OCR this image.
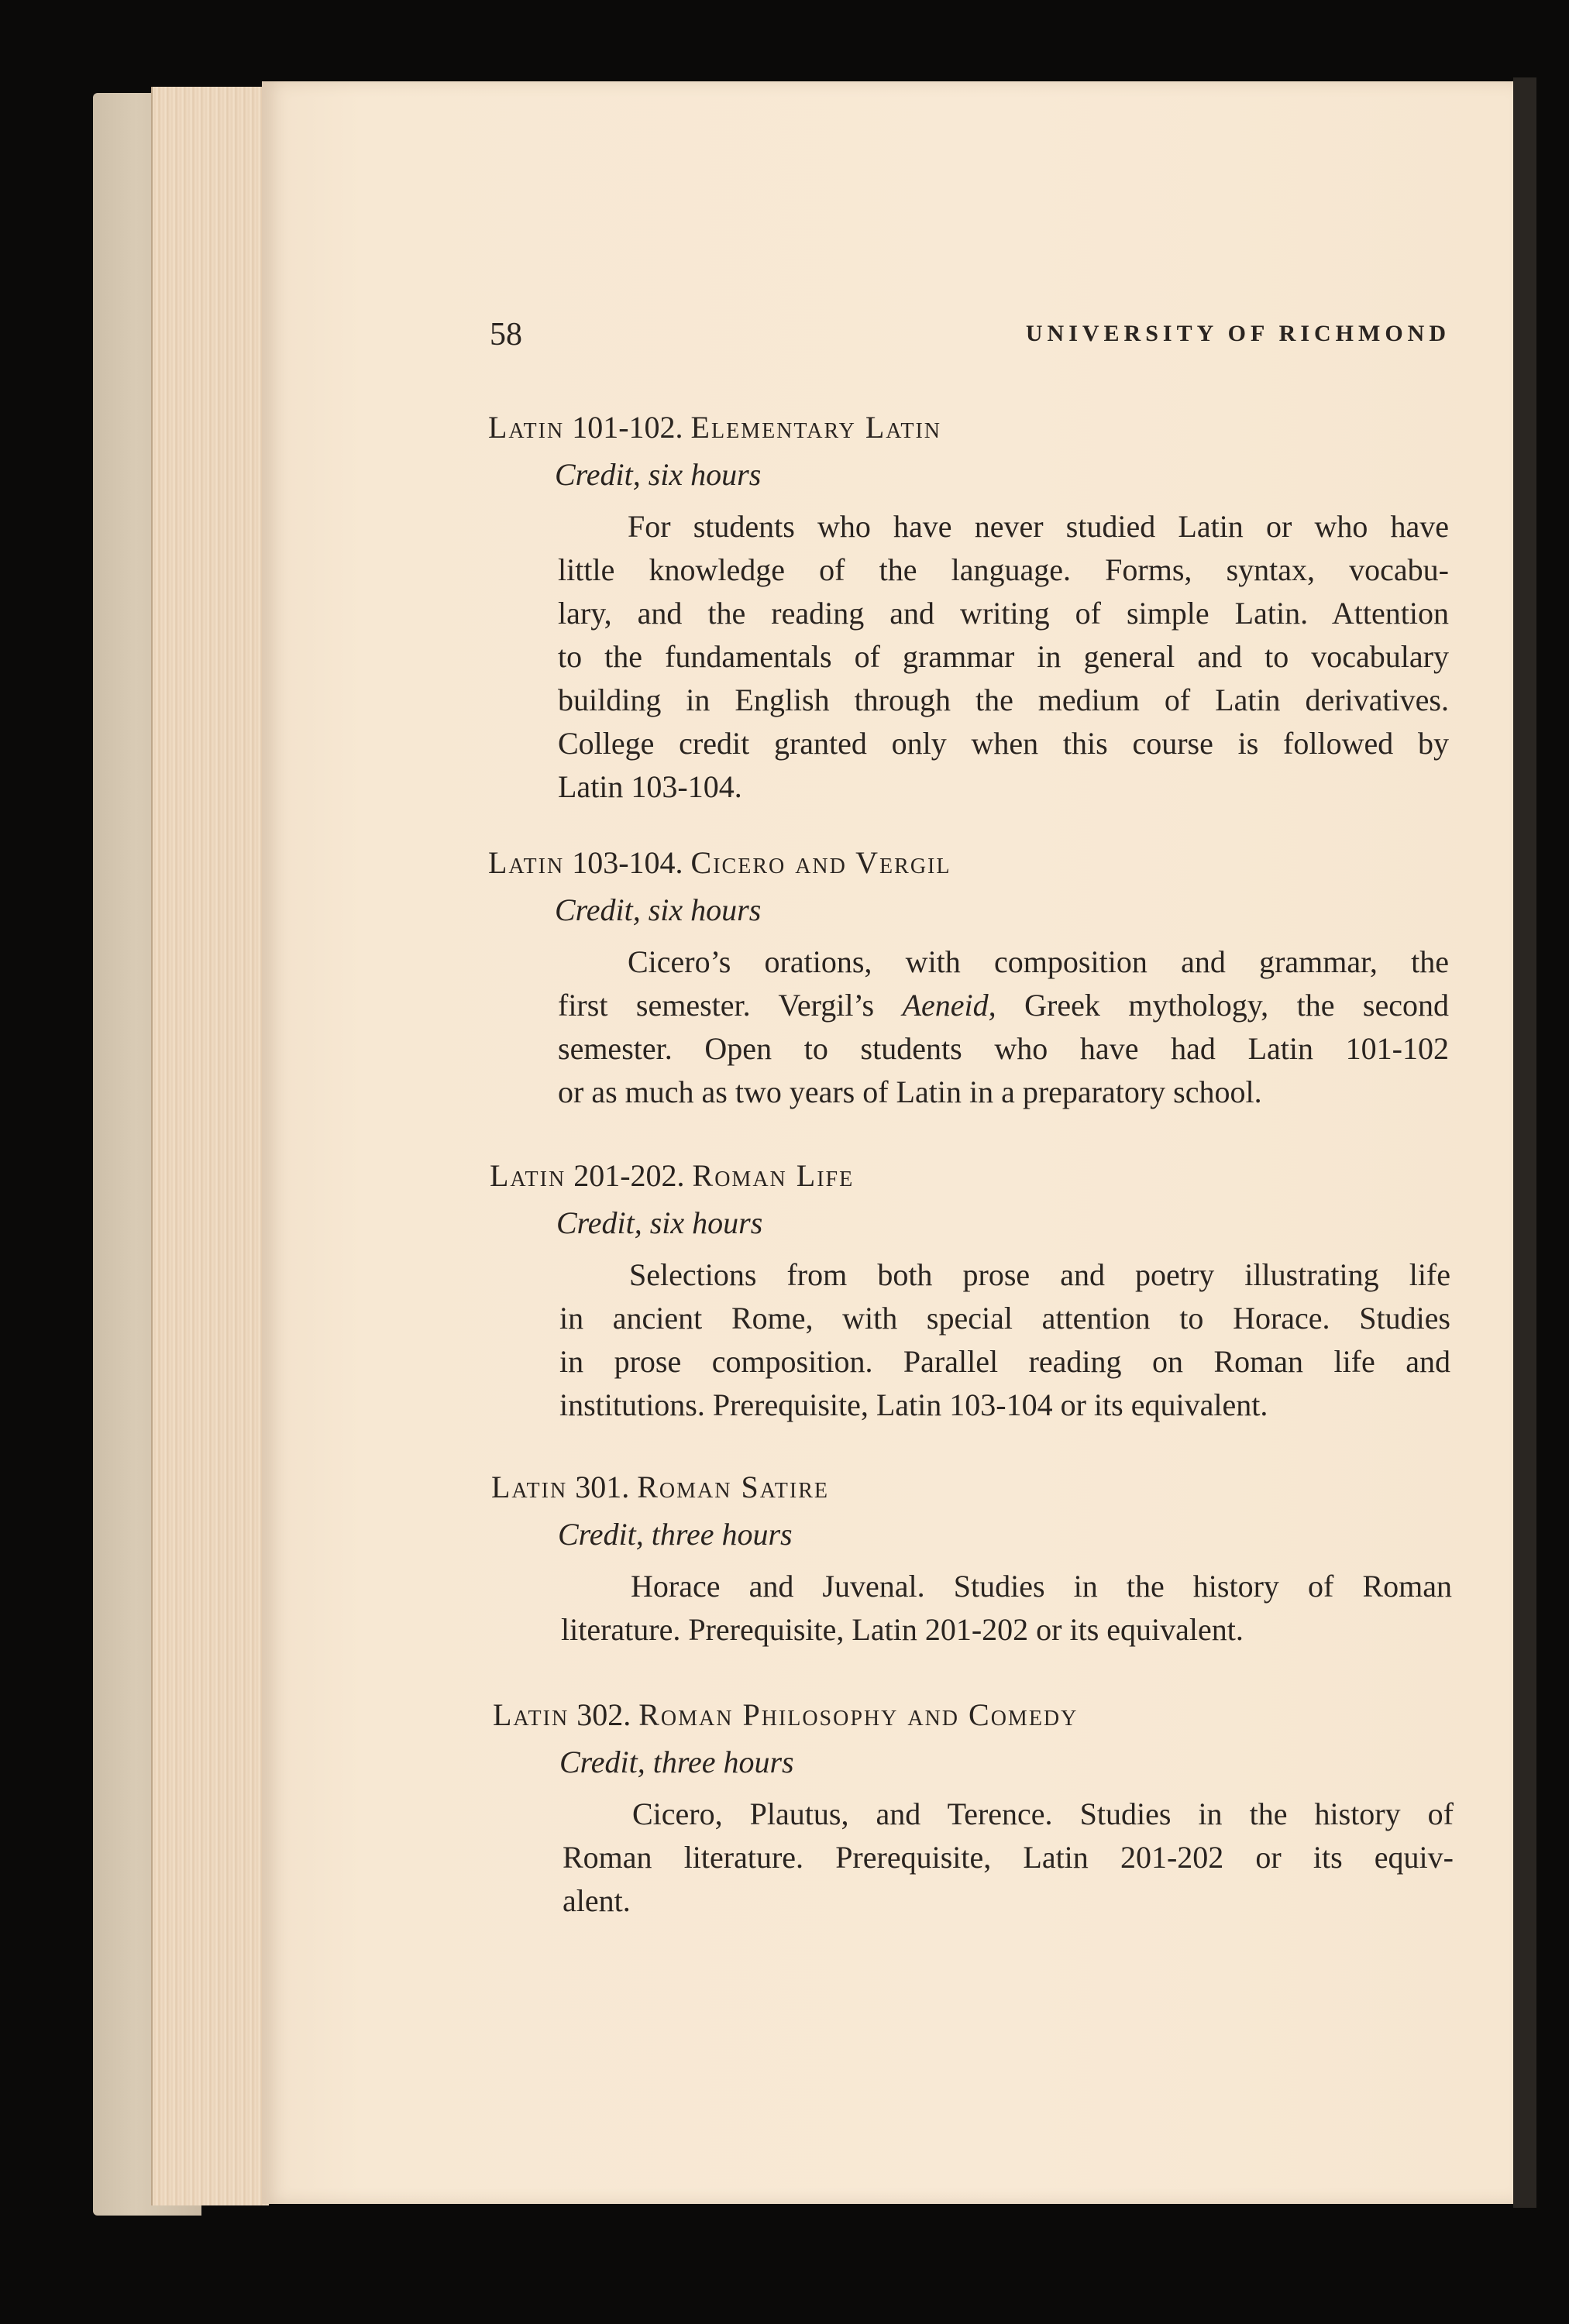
58	UNIVERSITY OF RICHMOND
Latin 101-102. Elementary Latin
Credit, six hours
For students who have never studied Latin or who have
little knowledge of the language. Forms, syntax, vocabu-
lary, and the reading and writing of simple Latin. Attention
to the fundamentals of grammar in general and to vocabulary
building in English through the medium of Latin derivatives.
College credit granted only when this course is followed by
Latin 103-104.
Latin 103-104. Cicero and Vergil
Credit, six hours
Cicero’s orations, with composition and grammar, the
first semester. Vergil’s Aeneid, Greek mythology, the second
semester. Open to students who have had Latin 101-102
or as much as two years of Latin in a preparatory school.
Latin 201-202. Roman Life
Credit, six hours
Selections from both prose and poetry illustrating life
in ancient Rome, with special attention to Horace. Studies
in prose composition. Parallel reading on Roman life and
institutions. Prerequisite, Latin 103-104 or its equivalent.
Latin 301. Roman Satire
Credit, three hours
Horace and Juvenal. Studies in the history of Roman
literature. Prerequisite, Latin 201-202 or its equivalent.
Latin 302. Roman Philosophy and Comedy
Credit, three hours
Cicero, Plautus, and Terence. Studies in the history of
Roman literature. Prerequisite, Latin 201-202 or its equiv-
alent.
